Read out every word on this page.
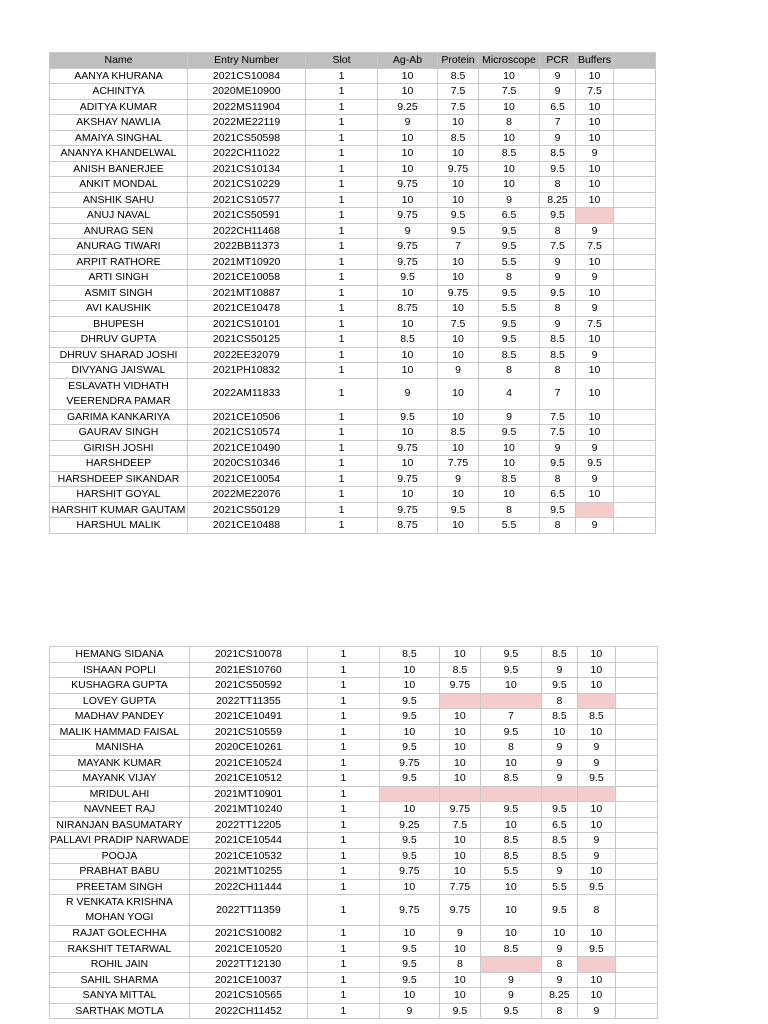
Name	Entry Number	Slot	Ag-Ab	Protein	Microscope	PCR	Buffers	
AANYA KHURANA	2021CS10084	1	10	8.5	10	9	10	
ACHINTYA	2020ME10900	1	10	7.5	7.5	9	7.5	
ADITYA KUMAR	2022MS11904	1	9.25	7.5	10	6.5	10	
AKSHAY NAWLIA	2022ME22119	1	9	10	8	7	10	
AMAIYA SINGHAL	2021CS50598	1	10	8.5	10	9	10	
ANANYA KHANDELWAL	2022CH11022	1	10	10	8.5	8.5	9	
ANISH BANERJEE	2021CS10134	1	10	9.75	10	9.5	10	
ANKIT MONDAL	2021CS10229	1	9.75	10	10	8	10	
ANSHIK SAHU	2021CS10577	1	10	10	9	8.25	10	
ANUJ NAVAL	2021CS50591	1	9.75	9.5	6.5	9.5		
ANURAG SEN	2022CH11468	1	9	9.5	9.5	8	9	
ANURAG TIWARI	2022BB11373	1	9.75	7	9.5	7.5	7.5	
ARPIT RATHORE	2021MT10920	1	9.75	10	5.5	9	10	
ARTI SINGH	2021CE10058	1	9.5	10	8	9	9	
ASMIT SINGH	2021MT10887	1	10	9.75	9.5	9.5	10	
AVI KAUSHIK	2021CE10478	1	8.75	10	5.5	8	9	
BHUPESH	2021CS10101	1	10	7.5	9.5	9	7.5	
DHRUV GUPTA	2021CS50125	1	8.5	10	9.5	8.5	10	
DHRUV SHARAD JOSHI	2022EE32079	1	10	10	8.5	8.5	9	
DIVYANG JAISWAL	2021PH10832	1	10	9	8	8	10	
ESLAVATH VIDHATH VEERENDRA PAMAR	2022AM11833	1	9	10	4	7	10	
GARIMA KANKARIYA	2021CE10506	1	9.5	10	9	7.5	10	
GAURAV SINGH	2021CS10574	1	10	8.5	9.5	7.5	10	
GIRISH JOSHI	2021CE10490	1	9.75	10	10	9	9	
HARSHDEEP	2020CS10346	1	10	7.75	10	9.5	9.5	
HARSHDEEP SIKANDAR	2021CE10054	1	9.75	9	8.5	8	9	
HARSHIT GOYAL	2022ME22076	1	10	10	10	6.5	10	
HARSHIT KUMAR GAUTAM	2021CS50129	1	9.75	9.5	8	9.5		
HARSHUL MALIK	2021CE10488	1	8.75	10	5.5	8	9	
HEMANG SIDANA	2021CS10078	1	8.5	10	9.5	8.5	10	
ISHAAN POPLI	2021ES10760	1	10	8.5	9.5	9	10	
KUSHAGRA GUPTA	2021CS50592	1	10	9.75	10	9.5	10	
LOVEY GUPTA	2022TT11355	1	9.5			8		
MADHAV PANDEY	2021CE10491	1	9.5	10	7	8.5	8.5	
MALIK HAMMAD FAISAL	2021CS10559	1	10	10	9.5	10	10	
MANISHA	2020CE10261	1	9.5	10	8	9	9	
MAYANK KUMAR	2021CE10524	1	9.75	10	10	9	9	
MAYANK VIJAY	2021CE10512	1	9.5	10	8.5	9	9.5	
MRIDUL AHI	2021MT10901	1						
NAVNEET RAJ	2021MT10240	1	10	9.75	9.5	9.5	10	
NIRANJAN BASUMATARY	2022TT12205	1	9.25	7.5	10	6.5	10	
PALLAVI PRADIP NARWADE	2021CE10544	1	9.5	10	8.5	8.5	9	
POOJA	2021CE10532	1	9.5	10	8.5	8.5	9	
PRABHAT BABU	2021MT10255	1	9.75	10	5.5	9	10	
PREETAM SINGH	2022CH11444	1	10	7.75	10	5.5	9.5	
R VENKATA KRISHNA MOHAN YOGI	2022TT11359	1	9.75	9.75	10	9.5	8	
RAJAT GOLECHHA	2021CS10082	1	10	9	10	10	10	
RAKSHIT TETARWAL	2021CE10520	1	9.5	10	8.5	9	9.5	
ROHIL JAIN	2022TT12130	1	9.5	8		8		
SAHIL SHARMA	2021CE10037	1	9.5	10	9	9	10	
SANYA MITTAL	2021CS10565	1	10	10	9	8.25	10	
SARTHAK MOTLA	2022CH11452	1	9	9.5	9.5	8	9	
